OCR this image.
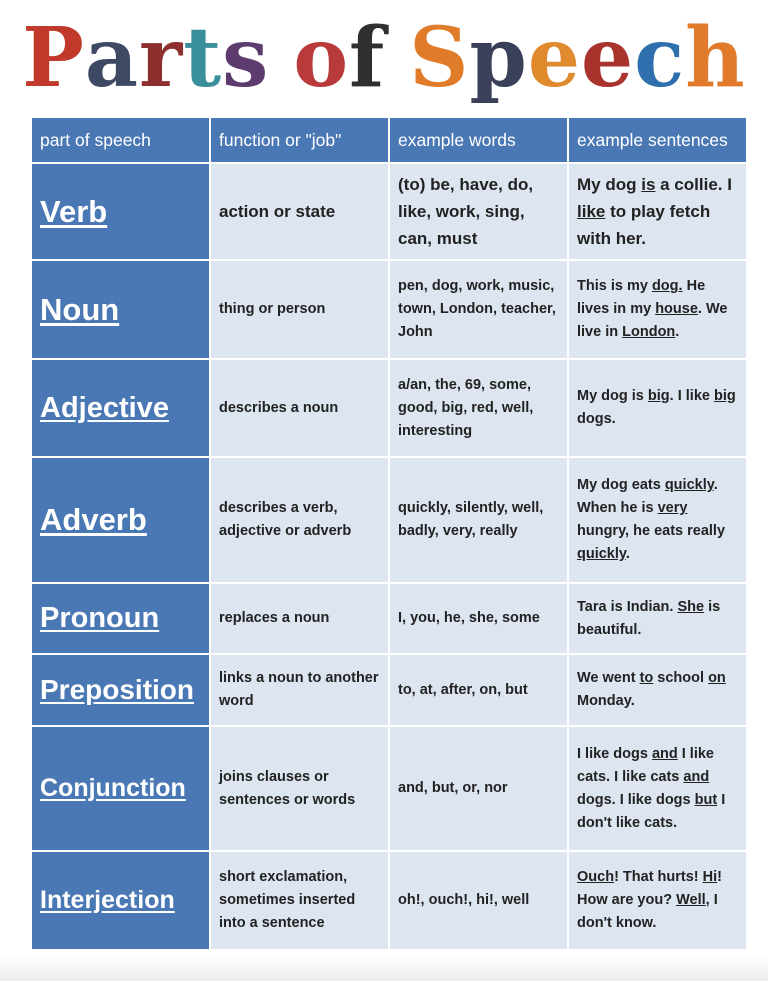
Parts of Speech
part of speech	function or "job"	example words	example sentences
Verb	action or state	(to) be, have, do, like, work, sing, can, must	My dog is a collie. I like to play fetch with her.
Noun	thing or person	pen, dog, work, music, town, London, teacher, John	This is my dog. He lives in my house. We live in London.
Adjective	describes a noun	a/an, the, 69, some, good, big, red, well, interesting	My dog is big. I like big dogs.
Adverb	describes a verb, adjective or adverb	quickly, silently, well, badly, very, really	My dog eats quickly. When he is very hungry, he eats really quickly.
Pronoun	replaces a noun	I, you, he, she, some	Tara is Indian. She is beautiful.
Preposition	links a noun to another word	to, at, after, on, but	We went to school on Monday.
Conjunction	joins clauses or sentences or words	and, but, or, nor	I like dogs and I like cats. I like cats and dogs. I like dogs but I don't like cats.
Interjection	short exclamation, sometimes inserted into a sentence	oh!, ouch!, hi!, well	Ouch! That hurts! Hi! How are you? Well, I don't know.
